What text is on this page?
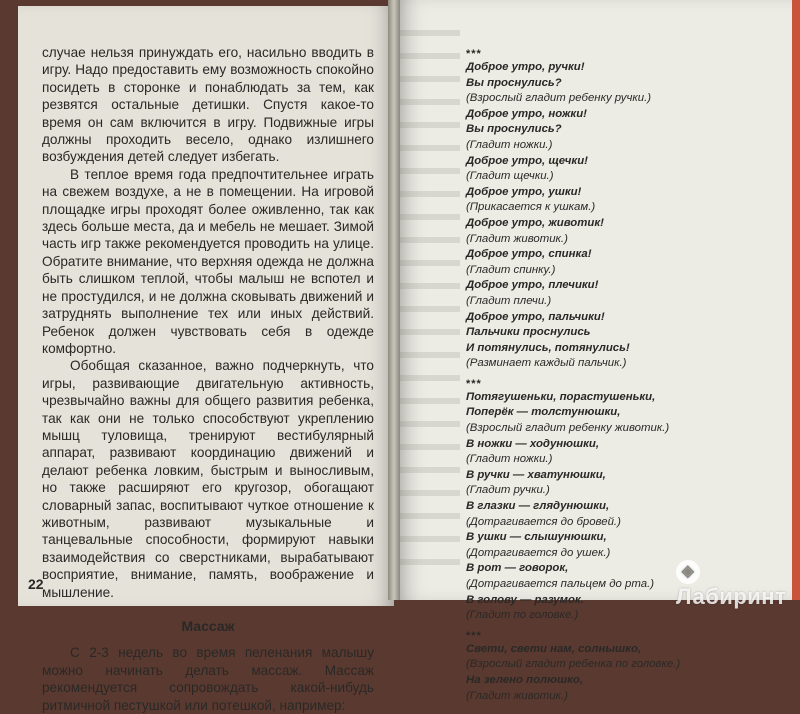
случае нельзя принуждать его, насильно вводить в игру. Надо предоставить ему возможность спокойно посидеть в сторонке и понаблюдать за тем, как резвятся остальные детишки. Спустя какое-то время он сам включится в игру. Подвижные игры должны проходить весело, однако излишнего возбуждения детей следует избегать.

В теплое время года предпочтительнее играть на свежем воздухе, а не в помещении. На игровой площадке игры проходят более оживленно, так как здесь больше места, да и мебель не мешает. Зимой часть игр также рекомендуется проводить на улице. Обратите внимание, что верхняя одежда не должна быть слишком теплой, чтобы малыш не вспотел и не простудился, и не должна сковывать движений и затруднять выполнение тех или иных действий. Ребенок должен чувствовать себя в одежде комфортно.

Обобщая сказанное, важно подчеркнуть, что игры, развивающие двигательную активность, чрезвычайно важны для общего развития ребенка, так как они не только способствуют укреплению мышц туловища, тренируют вестибулярный аппарат, развивают координацию движений и делают ребенка ловким, быстрым и выносливым, но также расширяют его кругозор, обогащают словарный запас, воспитывают чуткое отношение к животным, развивают музыкальные и танцевальные способности, формируют навыки взаимодействия со сверстниками, вырабатывают восприятие, внимание, память, воображение и мышление.

Массаж

С 2-3 недель во время пеленания малышу можно начинать делать массаж. Массаж рекомендуется сопровождать какой-нибудь ритмичной пестушкой или потешкой, например:

22
***

Доброе утро, ручки!

Вы проснулись?

(Взрослый гладит ребенку ручки.)

Доброе утро, ножки!

Вы проснулись?

(Гладит ножки.)

Доброе утро, щечки!

(Гладит щечки.)

Доброе утро, ушки!

(Прикасается к ушкам.)

Доброе утро, животик!

(Гладит животик.)

Доброе утро, спинка!

(Гладит спинку.)

Доброе утро, плечики!

(Гладит плечи.)

Доброе утро, пальчики!

Пальчики проснулись

И потянулись, потянулись!

(Разминает каждый пальчик.)

***

Потягушеньки, порастушеньки,

Поперёк — толстунюшки,

(Взрослый гладит ребенку животик.)

В ножки — ходунюшки,

(Гладит ножки.)

В ручки — хватунюшки,

(Гладит ручки.)

В глазки — глядунюшки,

(Дотрагивается до бровей.)

В ушки — слышунюшки,

(Дотрагивается до ушек.)

В рот — говорок,

(Дотрагивается пальцем до рта.)

В голову — разумок.

(Гладит по головке.)

***

Свети, свети нам, солнышко,

(Взрослый гладит ребенка по головке.)

На зелено полюшко,

(Гладит животик.)

◈Лабиринт
